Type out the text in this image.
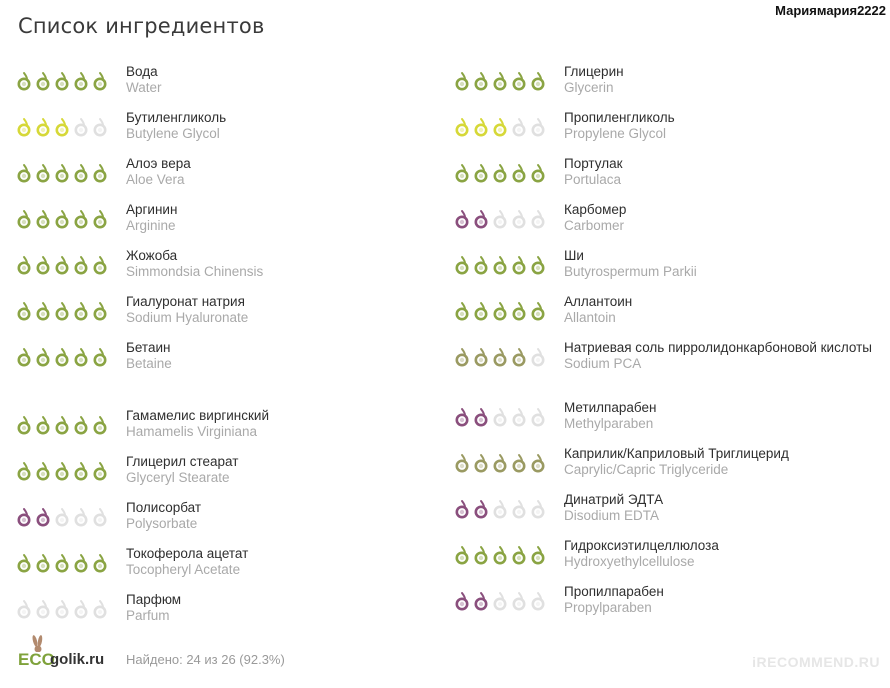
Список ингредиентов
Мариямария2222
Вода
Water
Бутиленгликоль
Butylene Glycol
Алоэ вера
Aloe Vera
Аргинин
Arginine
Жожоба
Simmondsia Chinensis
Гиалуронат натрия
Sodium Hyaluronate
Бетаин
Betaine
Гамамелис виргинский
Hamamelis Virginiana
Глицерил стеарат
Glyceryl Stearate
Полисорбат
Polysorbate
Токоферола ацетат
Tocopheryl Acetate
Парфюм
Parfum
Глицерин
Glycerin
Пропиленгликоль
Propylene Glycol
Портулак
Portulaca
Карбомер
Carbomer
Ши
Butyrospermum Parkii
Аллантоин
Allantoin
Натриевая соль пирролидонкарбоновой кислоты
Sodium PCA
Метилпарабен
Methylparaben
Каприлик/Каприловый Триглицерид
Caprylic/Capric Triglyceride
Динатрий ЭДТА
Disodium EDTA
Гидроксиэтилцеллюлоза
Hydroxyethylcellulose
Пропилпарабен
Propylparaben
ECO
golik.ru Найдено: 24 из 26 (92.3%)	iRECOMMEND.RU
